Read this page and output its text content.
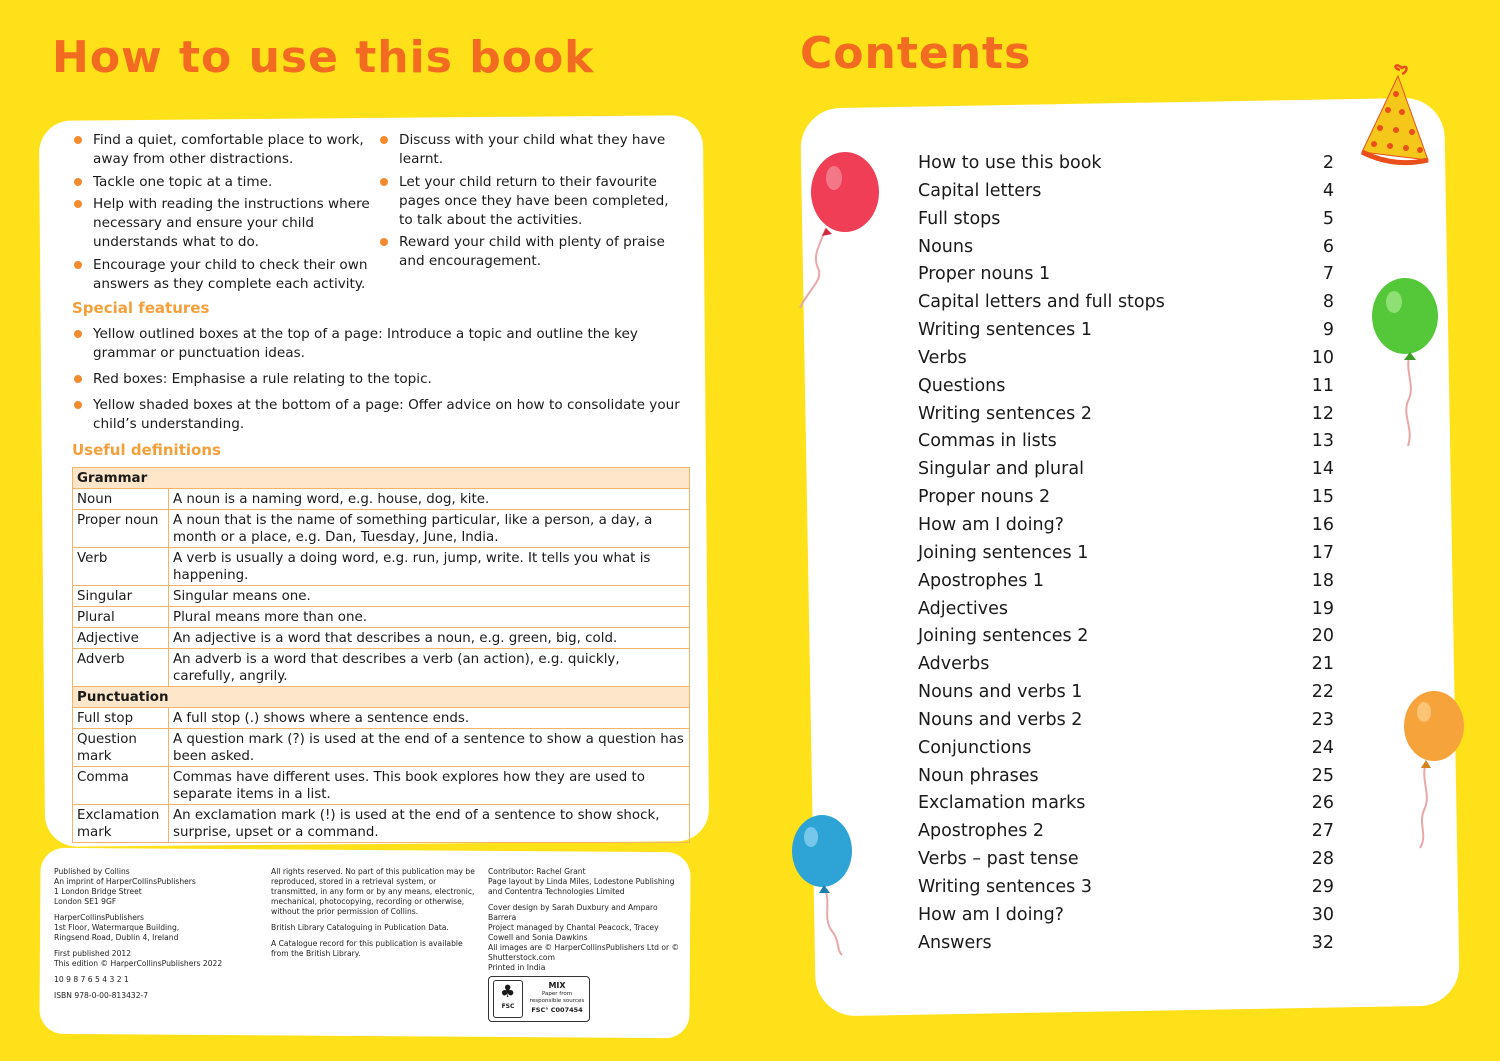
How to use this book
Find a quiet, comfortable place to work, away from other distractions.
Tackle one topic at a time.
Help with reading the instructions where necessary and ensure your child understands what to do.
Encourage your child to check their own answers as they complete each activity.
Discuss with your child what they have learnt.
Let your child return to their favourite pages once they have been completed, to talk about the activities.
Reward your child with plenty of praise and encouragement.
Special features
Yellow outlined boxes at the top of a page: Introduce a topic and outline the key grammar or punctuation ideas.
Red boxes: Emphasise a rule relating to the topic.
Yellow shaded boxes at the bottom of a page: Offer advice on how to consolidate your child’s understanding.
Useful definitions
Grammar	
Noun	A noun is a naming word, e.g. house, dog, kite.
Proper noun	A noun that is the name of something particular, like a person, a day, a month or a place, e.g. Dan, Tuesday, June, India.
Verb	A verb is usually a doing word, e.g. run, jump, write. It tells you what is happening.
Singular	Singular means one.
Plural	Plural means more than one.
Adjective	An adjective is a word that describes a noun, e.g. green, big, cold.
Adverb	An adverb is a word that describes a verb (an action), e.g. quickly, carefully, angrily.
Punctuation	
Full stop	A full stop (.) shows where a sentence ends.
Question mark	A question mark (?) is used at the end of a sentence to show a question has been asked.
Comma	Commas have different uses. This book explores how they are used to separate items in a list.
Exclamation mark	An exclamation mark (!) is used at the end of a sentence to show shock, surprise, upset or a command.

Published by Collins
An imprint of HarperCollinsPublishers
1 London Bridge Street
London SE1 9GF

HarperCollinsPublishers
1st Floor, Watermarque Building,
Ringsend Road, Dublin 4, Ireland

First published 2012
This edition © HarperCollinsPublishers 2022

10 9 8 7 6 5 4 3 2 1

ISBN 978-0-00-813432-7

All rights reserved. No part of this publication may be reproduced, stored in a retrieval system, or transmitted, in any form or by any means, electronic, mechanical, photocopying, recording or otherwise, without the prior permission of Collins.

British Library Cataloguing in Publication Data.

A Catalogue record for this publication is available from the British Library.

Contributor: Rachel Grant
Page layout by Linda Miles, Lodestone Publishing and Contentra Technologies Limited

Cover design by Sarah Duxbury and Amparo Barrera
Project managed by Chantal Peacock, Tracey Cowell and Sonia Dawkins
All images are © HarperCollinsPublishers Ltd or © Shutterstock.com
Printed in India

♣
FSC
MIX
Paper from responsible sources
FSC° C007454
Contents
How to use this book	2
Capital letters	4
Full stops	5
Nouns	6
Proper nouns 1	7
Capital letters and full stops	8
Writing sentences 1	9
Verbs	10
Questions	11
Writing sentences 2	12
Commas in lists	13
Singular and plural	14
Proper nouns 2	15
How am I doing?	16
Joining sentences 1	17
Apostrophes 1	18
Adjectives	19
Joining sentences 2	20
Adverbs	21
Nouns and verbs 1	22
Nouns and verbs 2	23
Conjunctions	24
Noun phrases	25
Exclamation marks	26
Apostrophes 2	27
Verbs – past tense	28
Writing sentences 3	29
How am I doing?	30
Answers	32
